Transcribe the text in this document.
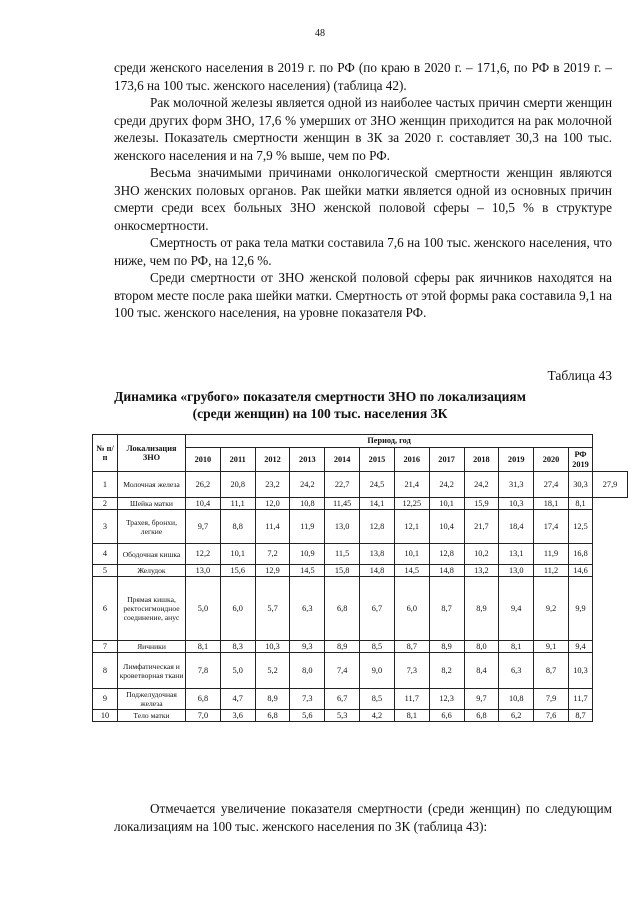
48

среди женского населения в 2019 г. по РФ (по краю в 2020 г. – 171,6, по РФ в 2019 г. – 173,6 на 100 тыс. женского населения) (таблица 42).

Рак молочной железы является одной из наиболее частых причин смерти женщин среди других форм ЗНО, 17,6 % умерших от ЗНО женщин приходится на рак молочной железы. Показатель смертности женщин в ЗК за 2020 г. составляет 30,3 на 100 тыс. женского населения и на 7,9 % выше, чем по РФ.

Весьма значимыми причинами онкологической смертности женщин являются ЗНО женских половых органов. Рак шейки матки является одной из основных причин смерти среди всех больных ЗНО женской половой сферы – 10,5 % в структуре онкосмертности.

Смертность от рака тела матки составила 7,6 на 100 тыс. женского населения, что ниже, чем по РФ, на 12,6 %.

Среди смертности от ЗНО женской половой сферы рак яичников находятся на втором месте после рака шейки матки. Смертность от этой формы рака составила 9,1 на 100 тыс. женского населения, на уровне показателя РФ.

Таблица 43
Динамика «грубого» показателя смертности ЗНО по локализациям
(среди женщин) на 100 тыс. населения ЗК
№ п/п	Локализация ЗНО	Период, год												
		2010	2011	2012	2013	2014	2015	2016	2017	2018	2019	2020	РФ 2019	
1	Молочная железа	26,2	20,8	23,2	24,2	22,7	24,5	21,4	24,2	24,2	31,3	27,4	30,3	27,9
2	Шейка матки	10,4	11,1	12,0	10,8	11,45	14,1	12,25	10,1	15,9	10,3	18,1	8,1	
3	Трахея, бронхи, легкие	9,7	8,8	11,4	11,9	13,0	12,8	12,1	10,4	21,7	18,4	17,4	12,5	
4	Ободочная кишка	12,2	10,1	7,2	10,9	11,5	13,8	10,1	12,8	10,2	13,1	11,9	16,8	
5	Желудок	13,0	15,6	12,9	14,5	15,8	14,8	14,5	14,8	13,2	13,0	11,2	14,6	
6	Прямая кишка, ректосигмоидное соединение, анус	5,0	6,0	5,7	6,3	6,8	6,7	6,0	8,7	8,9	9,4	9,2	9,9	
7	Яичники	8,1	8,3	10,3	9,3	8,9	8,5	8,7	8,9	8,0	8,1	9,1	9,4	
8	Лимфатическая и кроветворная ткани	7,8	5,0	5,2	8,0	7,4	9,0	7,3	8,2	8,4	6,3	8,7	10,3	
9	Поджелудочная железа	6,8	4,7	8,9	7,3	6,7	8,5	11,7	12,3	9,7	10,8	7,9	11,7	
10	Тело матки	7,0	3,6	6,8	5,6	5,3	4,2	8,1	6,6	6,8	6,2	7,6	8,7	

Отмечается увеличение показателя смертности (среди женщин) по следующим локализациям на 100 тыс. женского населения по ЗК (таблица 43):
